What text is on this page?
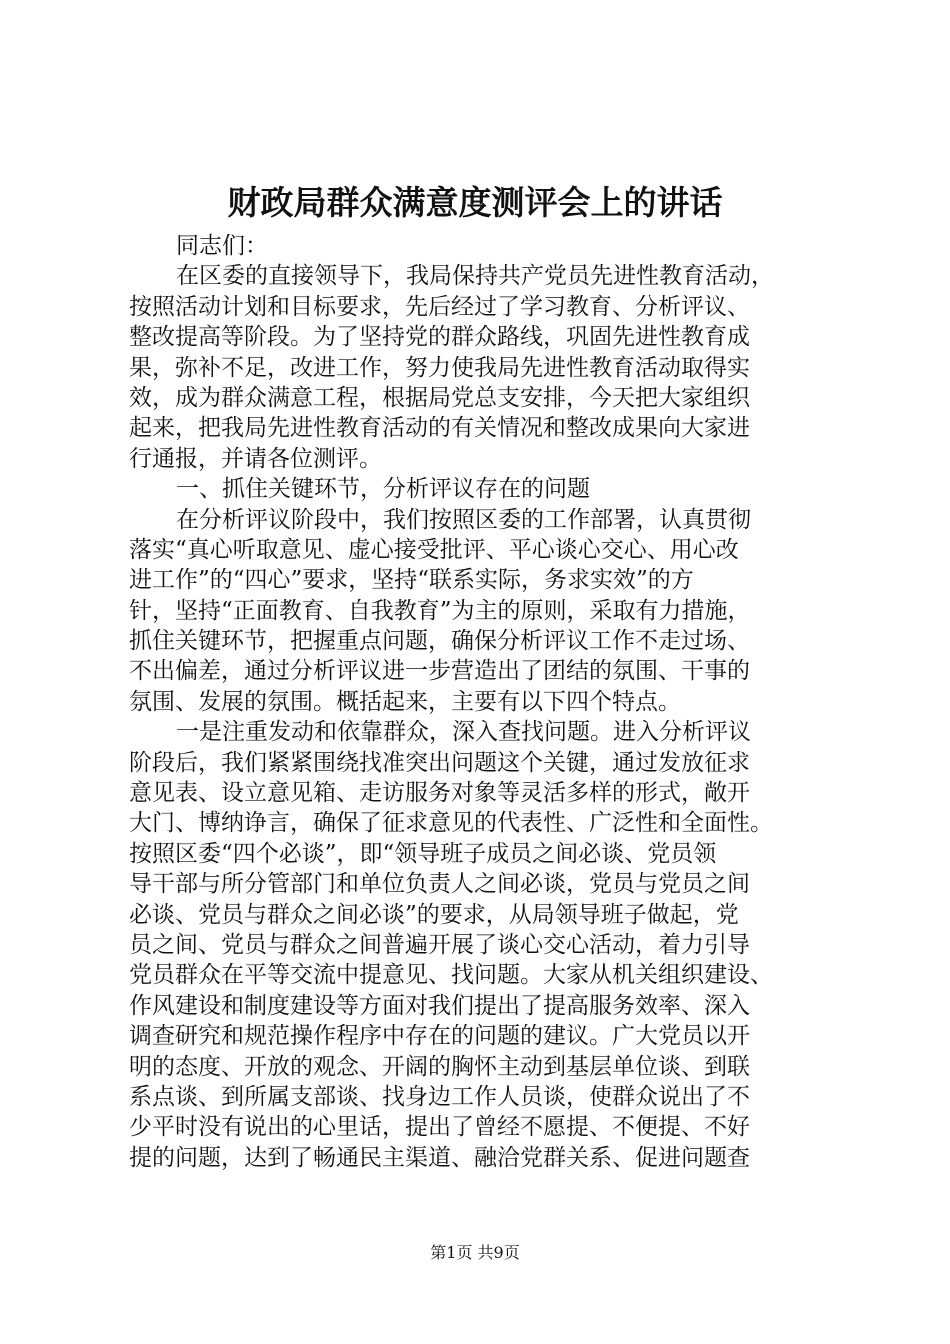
财政局群众满意度测评会上的讲话
同志们：
在区委的直接领导下，我局保持共产党员先进性教育活动，
按照活动计划和目标要求，先后经过了学习教育、分析评议、
整改提高等阶段。为了坚持党的群众路线，巩固先进性教育成
果，弥补不足，改进工作，努力使我局先进性教育活动取得实
效，成为群众满意工程，根据局党总支安排，今天把大家组织
起来，把我局先进性教育活动的有关情况和整改成果向大家进
行通报，并请各位测评。
一、抓住关键环节，分析评议存在的问题
在分析评议阶段中，我们按照区委的工作部署，认真贯彻
落实“真心听取意见、虚心接受批评、平心谈心交心、用心改
进工作”的“四心”要求，坚持“联系实际，务求实效”的方
针，坚持“正面教育、自我教育”为主的原则，采取有力措施，
抓住关键环节，把握重点问题，确保分析评议工作不走过场、
不出偏差，通过分析评议进一步营造出了团结的氛围、干事的
氛围、发展的氛围。概括起来，主要有以下四个特点。
一是注重发动和依靠群众，深入查找问题。进入分析评议
阶段后，我们紧紧围绕找准突出问题这个关键，通过发放征求
意见表、设立意见箱、走访服务对象等灵活多样的形式，敞开
大门、博纳诤言，确保了征求意见的代表性、广泛性和全面性。
按照区委“四个必谈”，即“领导班子成员之间必谈、党员领
导干部与所分管部门和单位负责人之间必谈，党员与党员之间
必谈、党员与群众之间必谈”的要求，从局领导班子做起，党
员之间、党员与群众之间普遍开展了谈心交心活动，着力引导
党员群众在平等交流中提意见、找问题。大家从机关组织建设、
作风建设和制度建设等方面对我们提出了提高服务效率、深入
调查研究和规范操作程序中存在的问题的建议。广大党员以开
明的态度、开放的观念、开阔的胸怀主动到基层单位谈、到联
系点谈、到所属支部谈、找身边工作人员谈，使群众说出了不
少平时没有说出的心里话，提出了曾经不愿提、不便提、不好
提的问题，达到了畅通民主渠道、融洽党群关系、促进问题查
第1页 共9页
